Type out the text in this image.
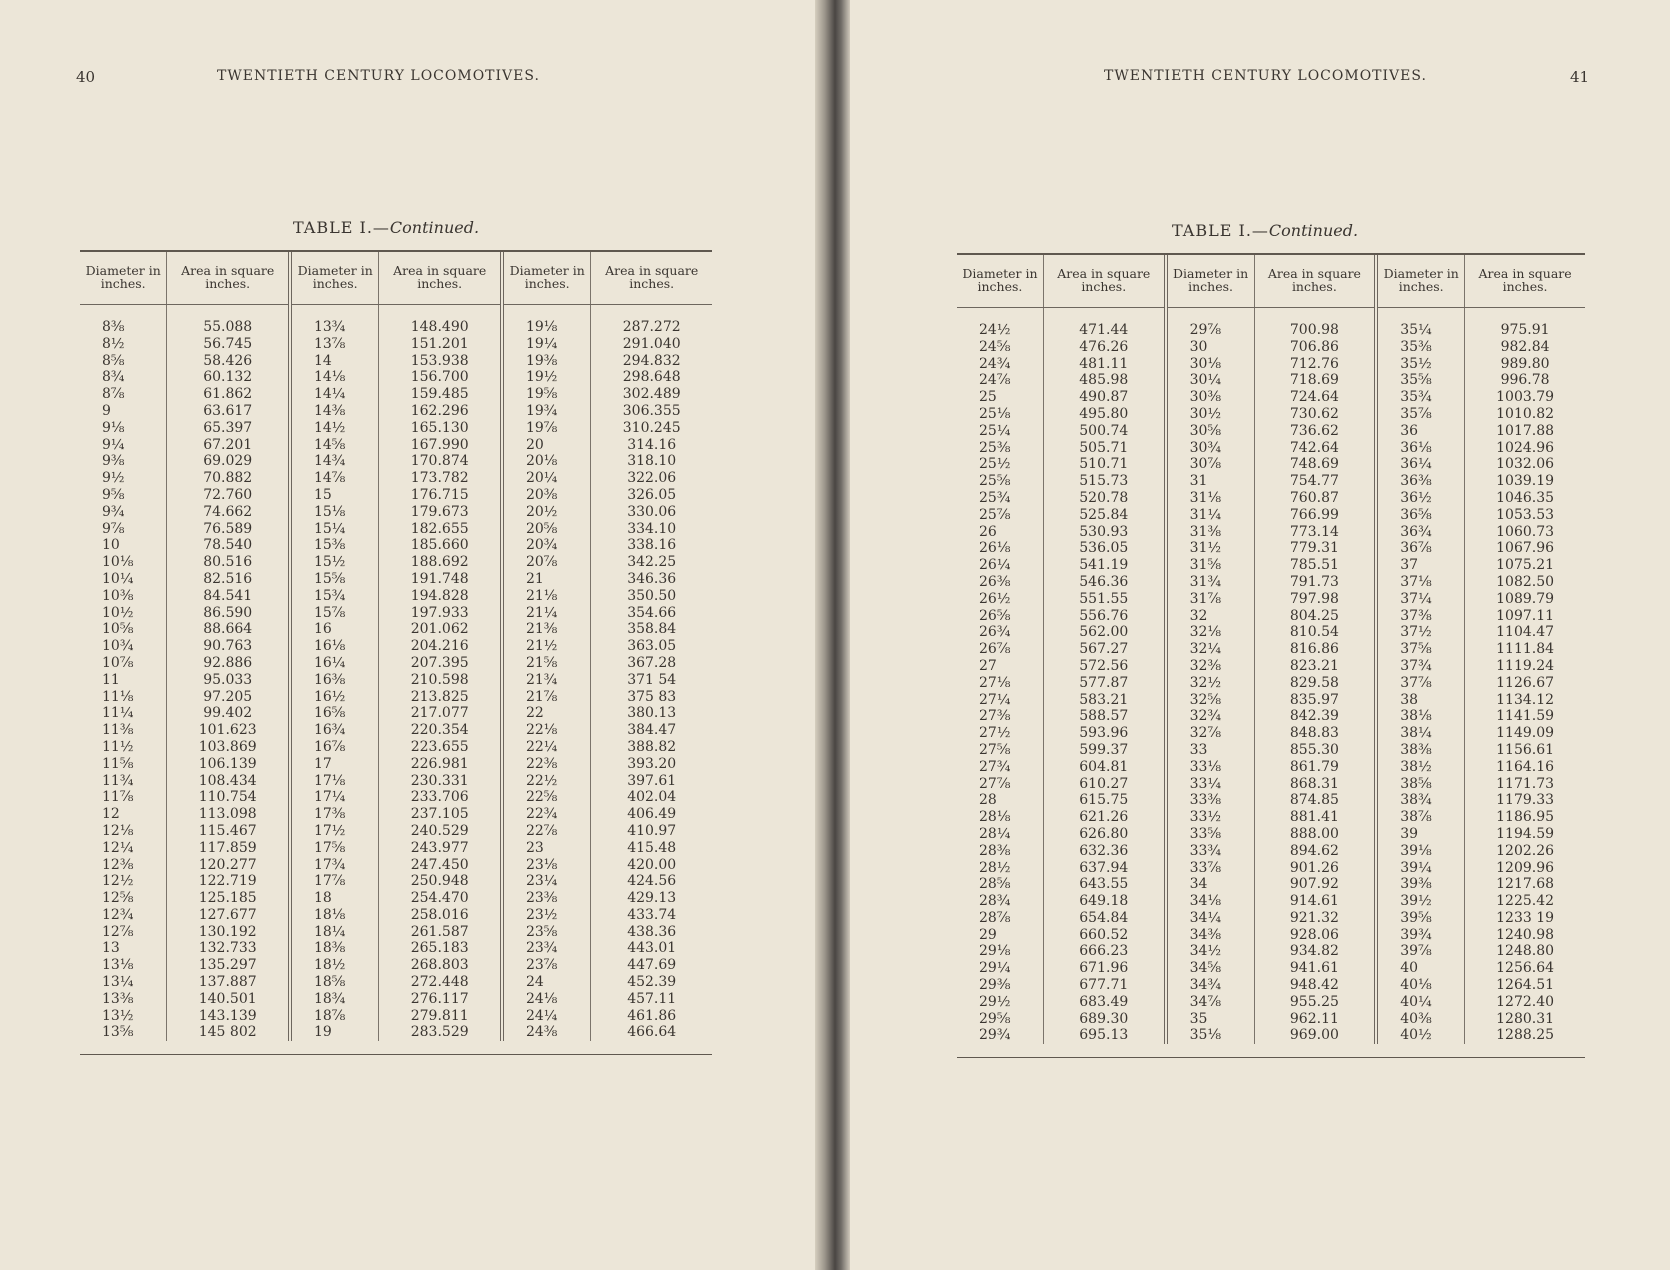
40	TWENTIETH CENTURY LOCOMOTIVES.
TABLE I.—Continued.
Diameter in inches.	Area in square inches.	Diameter in inches.	Area in square inches.	Diameter in inches.	Area in square inches.
8⅜	55.088	13¾	148.490	19⅛	287.272
8½	56.745	13⅞	151.201	19¼	291.040
8⅝	58.426	14	153.938	19⅜	294.832
8¾	60.132	14⅛	156.700	19½	298.648
8⅞	61.862	14¼	159.485	19⅝	302.489
9	63.617	14⅜	162.296	19¾	306.355
9⅛	65.397	14½	165.130	19⅞	310.245
9¼	67.201	14⅝	167.990	20	314.16
9⅜	69.029	14¾	170.874	20⅛	318.10
9½	70.882	14⅞	173.782	20¼	322.06
9⅝	72.760	15	176.715	20⅜	326.05
9¾	74.662	15⅛	179.673	20½	330.06
9⅞	76.589	15¼	182.655	20⅝	334.10
10	78.540	15⅜	185.660	20¾	338.16
10⅛	80.516	15½	188.692	20⅞	342.25
10¼	82.516	15⅝	191.748	21	346.36
10⅜	84.541	15¾	194.828	21⅛	350.50
10½	86.590	15⅞	197.933	21¼	354.66
10⅝	88.664	16	201.062	21⅜	358.84
10¾	90.763	16⅛	204.216	21½	363.05
10⅞	92.886	16¼	207.395	21⅝	367.28
11	95.033	16⅜	210.598	21¾	371 54
11⅛	97.205	16½	213.825	21⅞	375 83
11¼	99.402	16⅝	217.077	22	380.13
11⅜	101.623	16¾	220.354	22⅛	384.47
11½	103.869	16⅞	223.655	22¼	388.82
11⅝	106.139	17	226.981	22⅜	393.20
11¾	108.434	17⅛	230.331	22½	397.61
11⅞	110.754	17¼	233.706	22⅝	402.04
12	113.098	17⅜	237.105	22¾	406.49
12⅛	115.467	17½	240.529	22⅞	410.97
12¼	117.859	17⅝	243.977	23	415.48
12⅜	120.277	17¾	247.450	23⅛	420.00
12½	122.719	17⅞	250.948	23¼	424.56
12⅝	125.185	18	254.470	23⅜	429.13
12¾	127.677	18⅛	258.016	23½	433.74
12⅞	130.192	18¼	261.587	23⅝	438.36
13	132.733	18⅜	265.183	23¾	443.01
13⅛	135.297	18½	268.803	23⅞	447.69
13¼	137.887	18⅝	272.448	24	452.39
13⅜	140.501	18¾	276.117	24⅛	457.11
13½	143.139	18⅞	279.811	24¼	461.86
13⅝	145 802	19	283.529	24⅜	466.64
TWENTIETH CENTURY LOCOMOTIVES.	41
TABLE I.—Continued.
Diameter in inches.	Area in square inches.	Diameter in inches.	Area in square inches.	Diameter in inches.	Area in square inches.
24½	471.44	29⅞	700.98	35¼	975.91
24⅝	476.26	30	706.86	35⅜	982.84
24¾	481.11	30⅛	712.76	35½	989.80
24⅞	485.98	30¼	718.69	35⅝	996.78
25	490.87	30⅜	724.64	35¾	1003.79
25⅛	495.80	30½	730.62	35⅞	1010.82
25¼	500.74	30⅝	736.62	36	1017.88
25⅜	505.71	30¾	742.64	36⅛	1024.96
25½	510.71	30⅞	748.69	36¼	1032.06
25⅝	515.73	31	754.77	36⅜	1039.19
25¾	520.78	31⅛	760.87	36½	1046.35
25⅞	525.84	31¼	766.99	36⅝	1053.53
26	530.93	31⅜	773.14	36¾	1060.73
26⅛	536.05	31½	779.31	36⅞	1067.96
26¼	541.19	31⅝	785.51	37	1075.21
26⅜	546.36	31¾	791.73	37⅛	1082.50
26½	551.55	31⅞	797.98	37¼	1089.79
26⅝	556.76	32	804.25	37⅜	1097.11
26¾	562.00	32⅛	810.54	37½	1104.47
26⅞	567.27	32¼	816.86	37⅝	1111.84
27	572.56	32⅜	823.21	37¾	1119.24
27⅛	577.87	32½	829.58	37⅞	1126.67
27¼	583.21	32⅝	835.97	38	1134.12
27⅜	588.57	32¾	842.39	38⅛	1141.59
27½	593.96	32⅞	848.83	38¼	1149.09
27⅝	599.37	33	855.30	38⅜	1156.61
27¾	604.81	33⅛	861.79	38½	1164.16
27⅞	610.27	33¼	868.31	38⅝	1171.73
28	615.75	33⅜	874.85	38¾	1179.33
28⅛	621.26	33½	881.41	38⅞	1186.95
28¼	626.80	33⅝	888.00	39	1194.59
28⅜	632.36	33¾	894.62	39⅛	1202.26
28½	637.94	33⅞	901.26	39¼	1209.96
28⅝	643.55	34	907.92	39⅜	1217.68
28¾	649.18	34⅛	914.61	39½	1225.42
28⅞	654.84	34¼	921.32	39⅝	1233 19
29	660.52	34⅜	928.06	39¾	1240.98
29⅛	666.23	34½	934.82	39⅞	1248.80
29¼	671.96	34⅝	941.61	40	1256.64
29⅜	677.71	34¾	948.42	40⅛	1264.51
29½	683.49	34⅞	955.25	40¼	1272.40
29⅝	689.30	35	962.11	40⅜	1280.31
29¾	695.13	35⅛	969.00	40½	1288.25
